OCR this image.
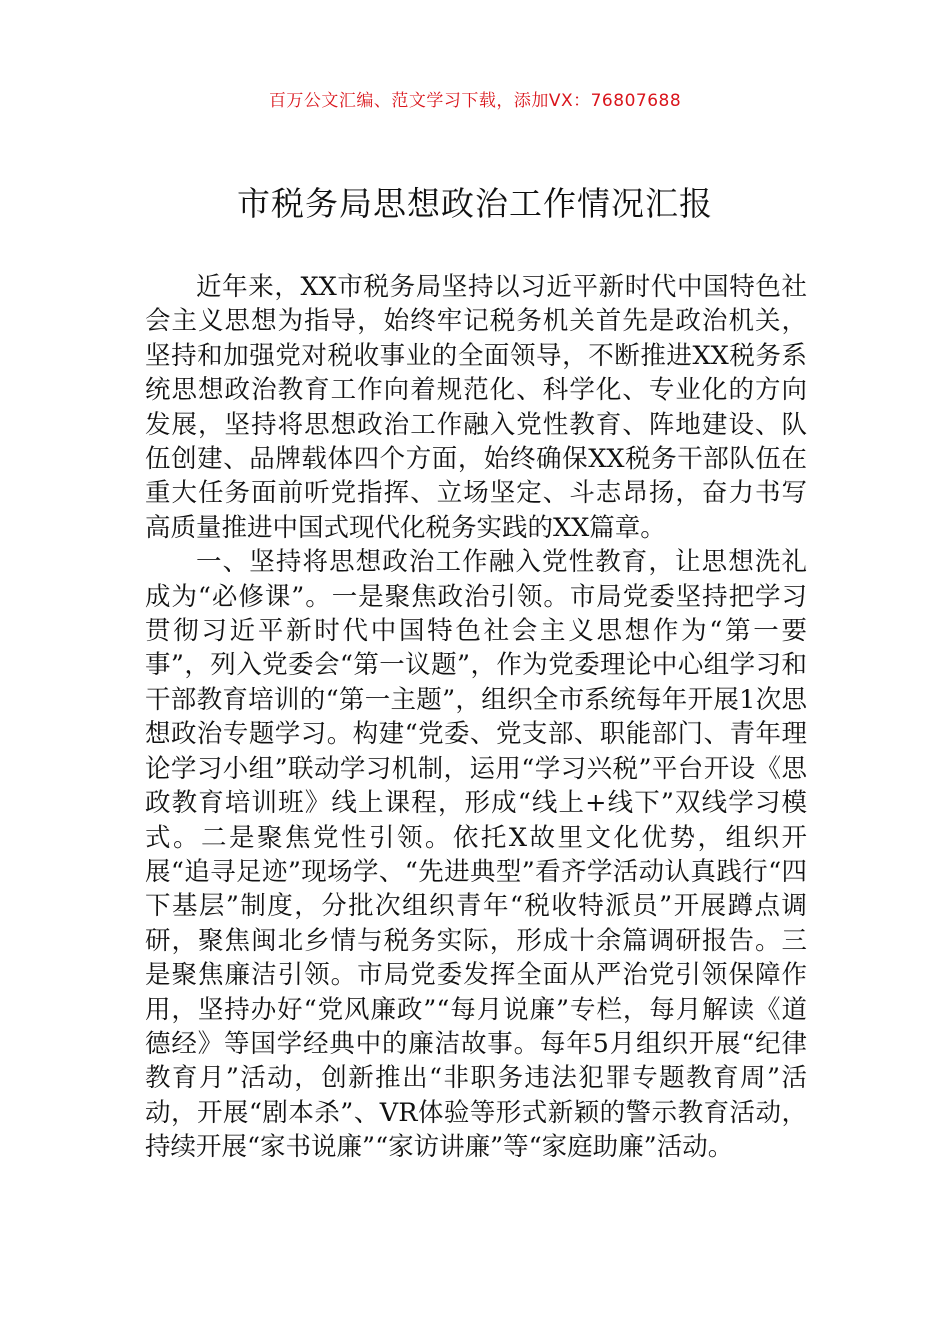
百万公文汇编、范文学习下载，添加VX：76807688
市税务局思想政治工作情况汇报

近年来，XX市税务局坚持以习近平新时代中国特色社会主义思想为指导，始终牢记税务机关首先是政治机关，坚持和加强党对税收事业的全面领导，不断推进XX税务系统思想政治教育工作向着规范化、科学化、专业化的方向发展，坚持将思想政治工作融入党性教育、阵地建设、队伍创建、品牌载体四个方面，始终确保XX税务干部队伍在重大任务面前听党指挥、立场坚定、斗志昂扬，奋力书写高质量推进中国式现代化税务实践的XX篇章。

一、坚持将思想政治工作融入党性教育，让思想洗礼成为“必修课”。一是聚焦政治引领。市局党委坚持把学习贯彻习近平新时代中国特色社会主义思想作为“第一要事”，列入党委会“第一议题”，作为党委理论中心组学习和干部教育培训的“第一主题”，组织全市系统每年开展1次思想政治专题学习。构建“党委、党支部、职能部门、青年理论学习小组”联动学习机制，运用“学习兴税”平台开设《思政教育培训班》线上课程，形成“线上+线下”双线学习模式。二是聚焦党性引领。依托X故里文化优势，组织开展“追寻足迹”现场学、“先进典型”看齐学活动认真践行“四下基层”制度，分批次组织青年“税收特派员”开展蹲点调研，聚焦闽北乡情与税务实际，形成十余篇调研报告。三是聚焦廉洁引领。市局党委发挥全面从严治党引领保障作用，坚持办好“党风廉政”“每月说廉”专栏，每月解读《道德经》等国学经典中的廉洁故事。每年5月组织开展“纪律教育月”活动，创新推出“非职务违法犯罪专题教育周”活动，开展“剧本杀”、VR体验等形式新颖的警示教育活动，持续开展“家书说廉”“家访讲廉”等“家庭助廉”活动。
